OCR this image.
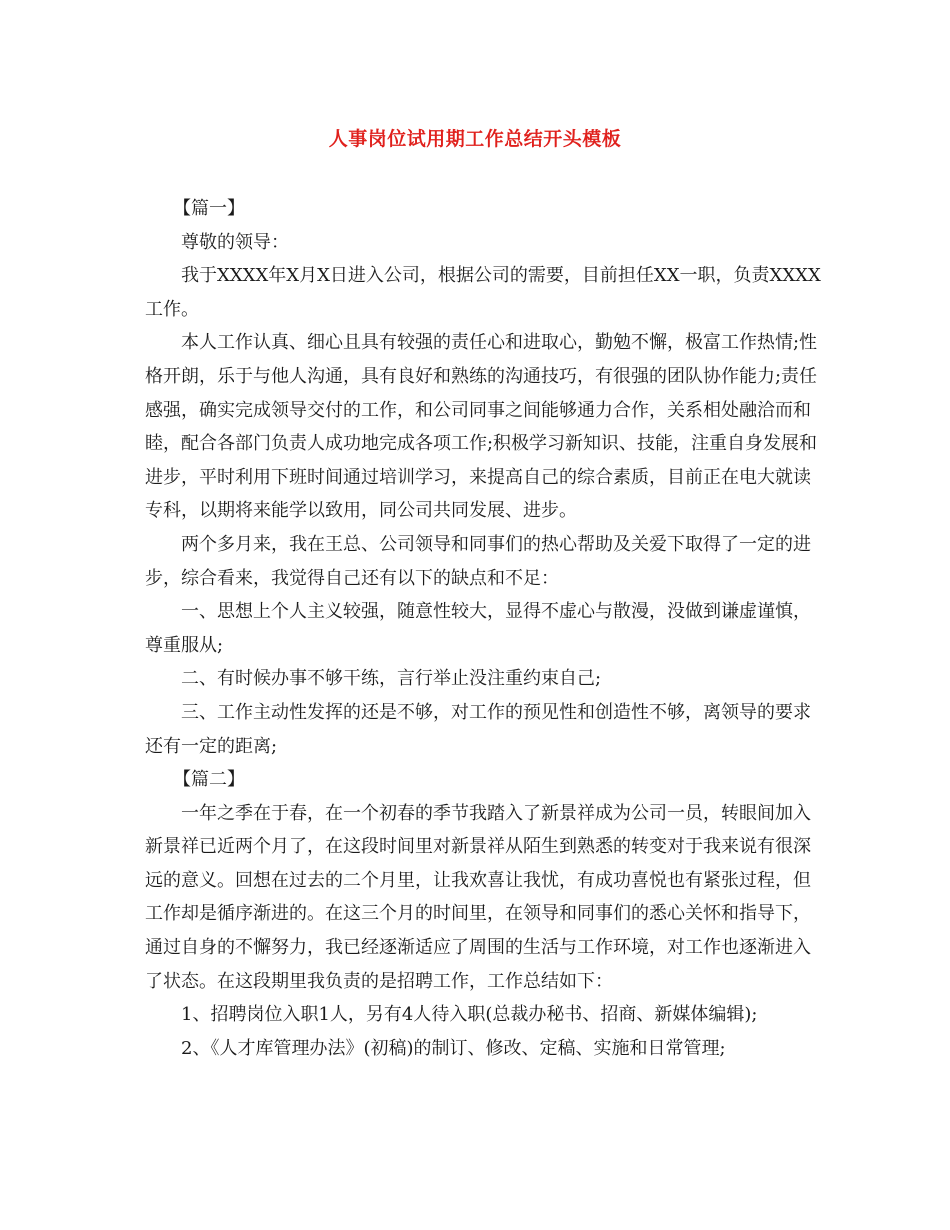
人事岗位试用期工作总结开头模板

【篇一】

尊敬的领导：

我于XXXX年X月X日进入公司，根据公司的需要，目前担任XX一职，负责XXXX工作。

本人工作认真、细心且具有较强的责任心和进取心，勤勉不懈，极富工作热情;性格开朗，乐于与他人沟通，具有良好和熟练的沟通技巧，有很强的团队协作能力;责任感强，确实完成领导交付的工作，和公司同事之间能够通力合作，关系相处融洽而和睦，配合各部门负责人成功地完成各项工作;积极学习新知识、技能，注重自身发展和进步，平时利用下班时间通过培训学习，来提高自己的综合素质，目前正在电大就读专科，以期将来能学以致用，同公司共同发展、进步。

两个多月来，我在王总、公司领导和同事们的热心帮助及关爱下取得了一定的进步，综合看来，我觉得自己还有以下的缺点和不足：

一、思想上个人主义较强，随意性较大，显得不虚心与散漫，没做到谦虚谨慎，尊重服从;

二、有时候办事不够干练，言行举止没注重约束自己;

三、工作主动性发挥的还是不够，对工作的预见性和创造性不够，离领导的要求还有一定的距离;

【篇二】

一年之季在于春，在一个初春的季节我踏入了新景祥成为公司一员，转眼间加入新景祥已近两个月了，在这段时间里对新景祥从陌生到熟悉的转变对于我来说有很深远的意义。回想在过去的二个月里，让我欢喜让我忧，有成功喜悦也有紧张过程，但工作却是循序渐进的。在这三个月的时间里，在领导和同事们的悉心关怀和指导下，通过自身的不懈努力，我已经逐渐适应了周围的生活与工作环境，对工作也逐渐进入了状态。在这段期里我负责的是招聘工作，工作总结如下：

1、招聘岗位入职1人，另有4人待入职(总裁办秘书、招商、新媒体编辑);

2、《人才库管理办法》(初稿)的制订、修改、定稿、实施和日常管理;
